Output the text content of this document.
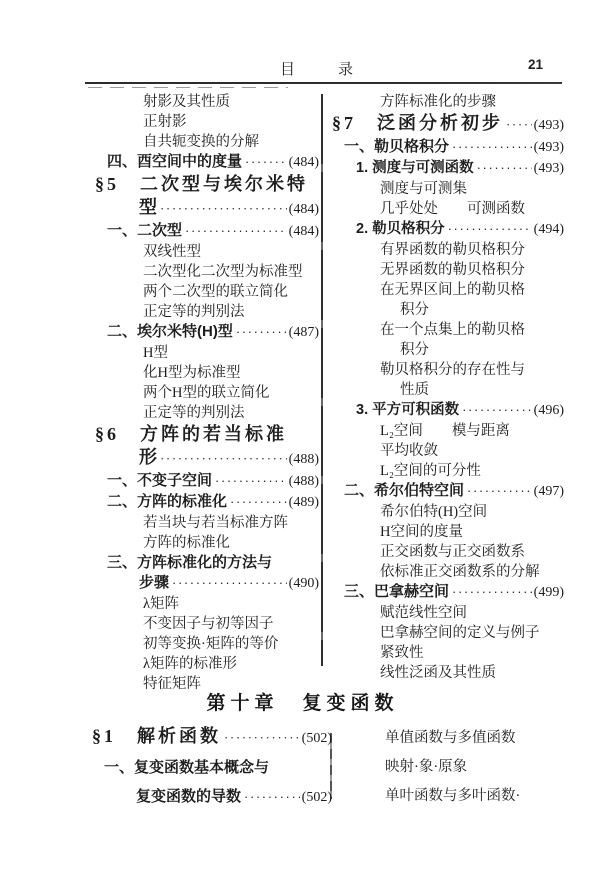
目　录	21
射影及其性质
正射影
自共轭变换的分解
四、酉空间中的度量 ·····	(484)
§5　二次型与埃尔米特
型 ·····	(484)
一、二次型 ·····	(484)
双线性型
二次型化二次型为标准型
两个二次型的联立简化
正定等的判别法
二、埃尔米特(H)型 ·····	(487)
H型
化H型为标准型
两个H型的联立简化
正定等的判别法
§6　方阵的若当标准
形 ·····	(488)
一、不变子空间 ·····	(488)
二、方阵的标准化 ·····	(489)
若当块与若当标准方阵
方阵的标准化
三、方阵标准化的方法与
步骤 ·····	(490)
λ矩阵
不变因子与初等因子
初等变换·矩阵的等价
λ矩阵的标准形
特征矩阵
方阵标准化的步骤
§7　泛函分析初步 ····· (493)
一、勒贝格积分 ·····	(493)
1. 测度与可测函数 ·····	(493)
测度与可测集
几乎处处　　可测函数
2. 勒贝格积分 ·····	(494)
有界函数的勒贝格积分
无界函数的勒贝格积分
在无界区间上的勒贝格
积分
在一个点集上的勒贝格
积分
勒贝格积分的存在性与
性质
3. 平方可积函数 ·····	(496)
L₂空间　　模与距离
平均收敛
L₂空间的可分性
二、希尔伯特空间 ·····	(497)
希尔伯特(H)空间
H空间的度量
正交函数与正交函数系
依标准正交函数系的分解
三、巴拿赫空间 ·····	(499)
赋范线性空间
巴拿赫空间的定义与例子
紧致性
线性泛函及其性质
第十章　复变函数
§1　解析函数 ·····	(502)
一、复变函数基本概念与
复变函数的导数 ·····	(502)
单值函数与多值函数
映射·象·原象
单叶函数与多叶函数·
